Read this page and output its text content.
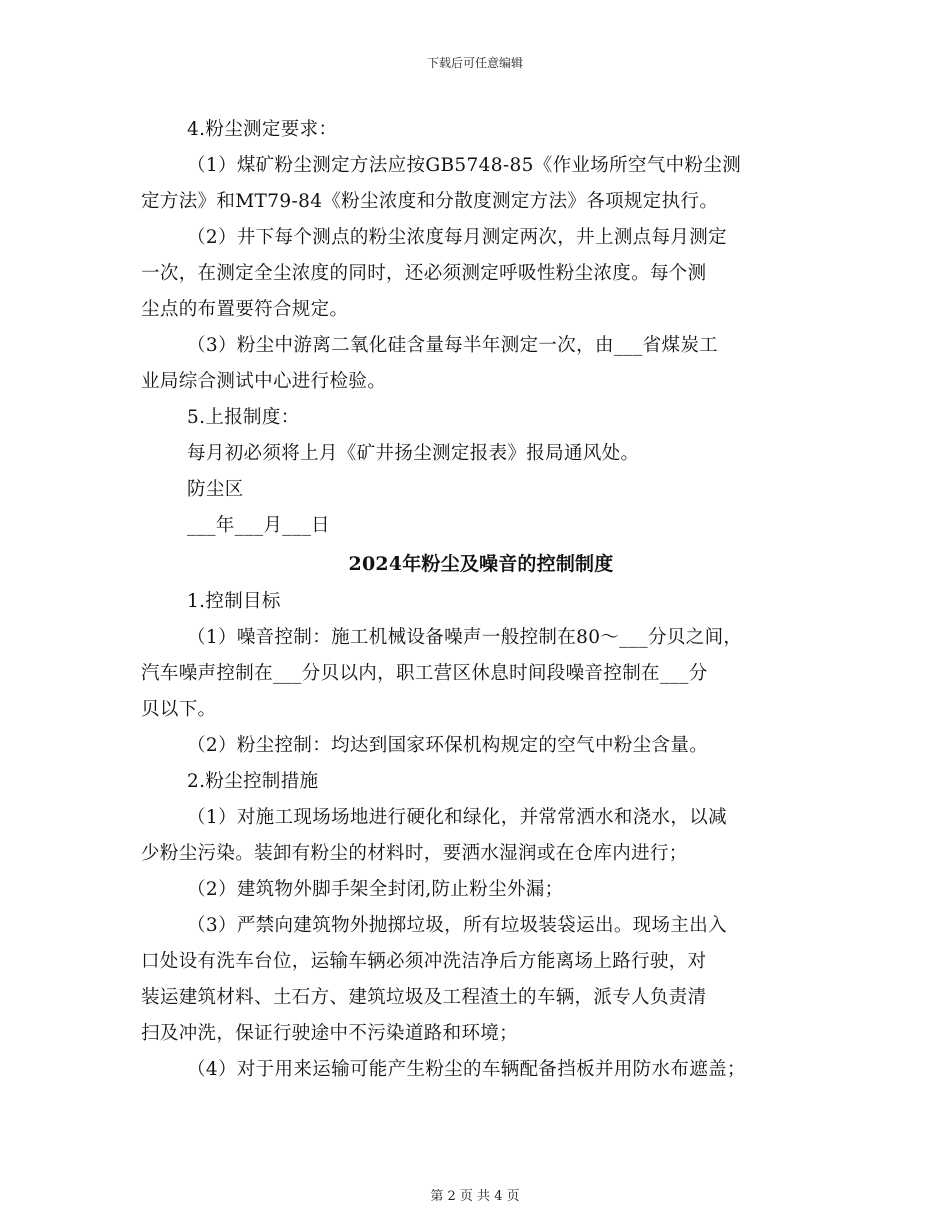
下载后可任意编辑
4.粉尘测定要求：
（1）煤矿粉尘测定方法应按GB5748-85《作业场所空气中粉尘测
定方法》和MT79-84《粉尘浓度和分散度测定方法》各项规定执行。
（2）井下每个测点的粉尘浓度每月测定两次，井上测点每月测定
一次，在测定全尘浓度的同时，还必须测定呼吸性粉尘浓度。每个测
尘点的布置要符合规定。
（3）粉尘中游离二氧化硅含量每半年测定一次，由___省煤炭工
业局综合测试中心进行检验。
5.上报制度：
每月初必须将上月《矿井扬尘测定报表》报局通风处。
防尘区
___年___月___日
2024年粉尘及噪音的控制制度
1.控制目标
（1）噪音控制：施工机械设备噪声一般控制在80～___分贝之间，
汽车噪声控制在___分贝以内，职工营区休息时间段噪音控制在___分
贝以下。
（2）粉尘控制：均达到国家环保机构规定的空气中粉尘含量。
2.粉尘控制措施
（1）对施工现场场地进行硬化和绿化，并常常洒水和浇水，以减
少粉尘污染。装卸有粉尘的材料时，要洒水湿润或在仓库内进行；
（2）建筑物外脚手架全封闭,防止粉尘外漏；
（3）严禁向建筑物外抛掷垃圾，所有垃圾装袋运出。现场主出入
口处设有洗车台位，运输车辆必须冲洗洁净后方能离场上路行驶，对
装运建筑材料、土石方、建筑垃圾及工程渣土的车辆，派专人负责清
扫及冲洗，保证行驶途中不污染道路和环境；
（4）对于用来运输可能产生粉尘的车辆配备挡板并用防水布遮盖；
第 2 页 共 4 页
